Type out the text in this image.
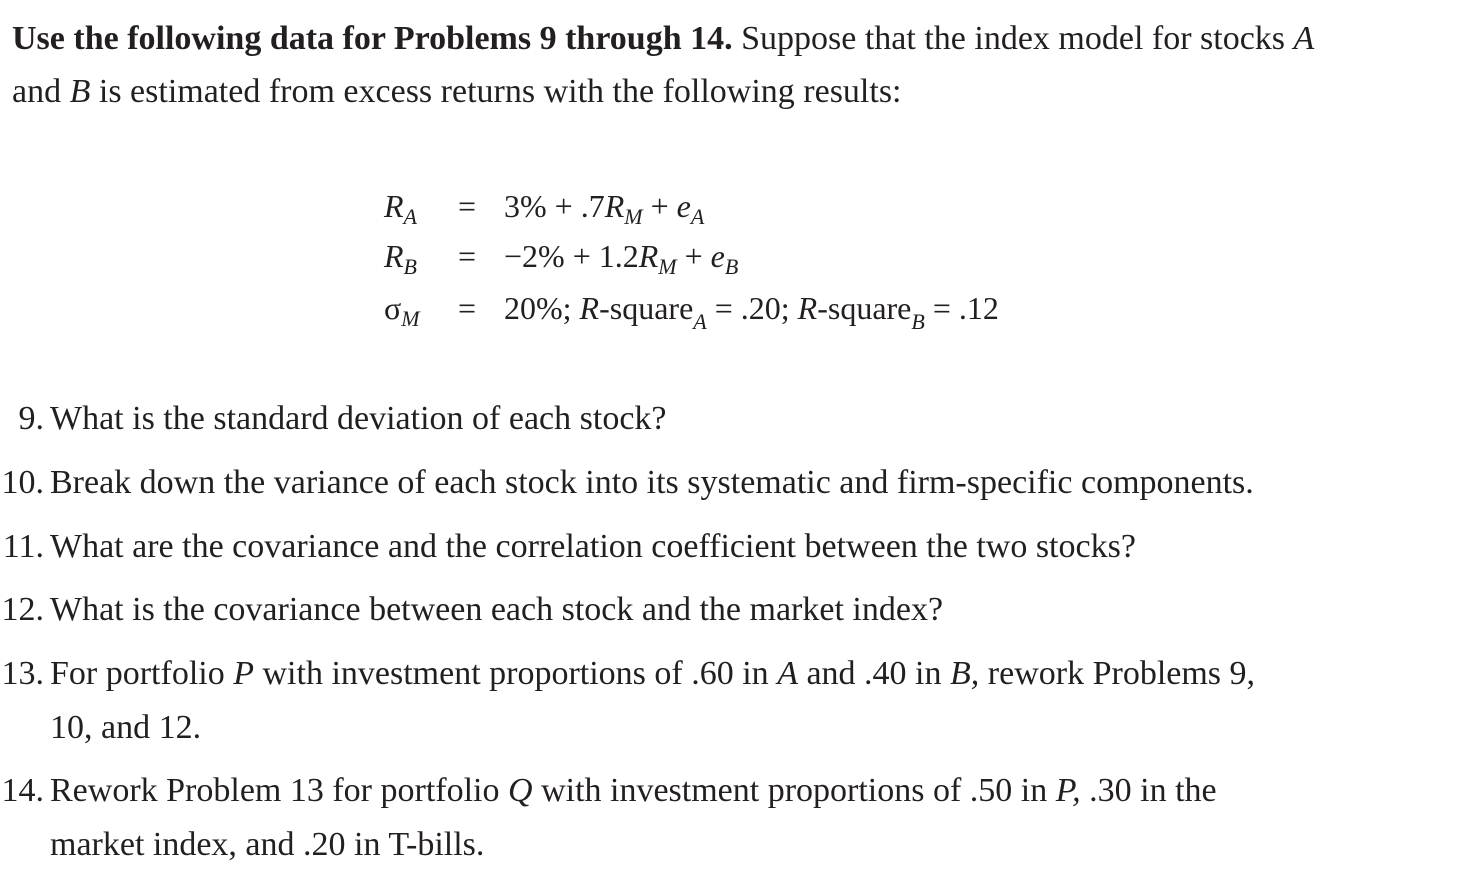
Use the following data for Problems 9 through 14. Suppose that the index model for stocks A
and B is estimated from excess returns with the following results:
$R_A = 3\% + .7R_M + e_A$
$R_B = -2\% + 1.2R_M + e_B$
$\sigma_M = 20\%$; R-square$_A$ = .20; R-square$_B$ = .12
9. What is the standard deviation of each stock?
10. Break down the variance of each stock into its systematic and firm-specific components.
11. What are the covariance and the correlation coefficient between the two stocks?
12. What is the covariance between each stock and the market index?
13. For portfolio P with investment proportions of .60 in A and .40 in B, rework Problems 9,
10, and 12.
14. Rework Problem 13 for portfolio Q with investment proportions of .50 in P, .30 in the
market index, and .20 in T-bills.
